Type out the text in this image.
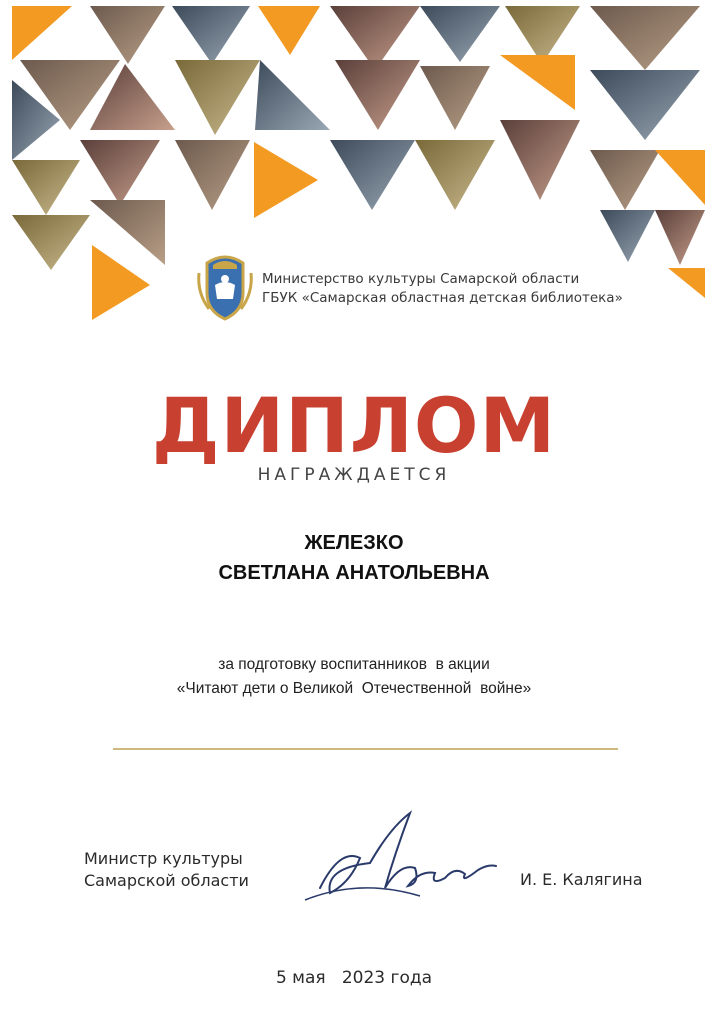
Министерство культуры Самарской области
ГБУК «Самарская областная детская библиотека»
ДИПЛОМ
НАГРАЖДАЕТСЯ
ЖЕЛЕЗКО
СВЕТЛАНА АНАТОЛЬЕВНА
за подготовку воспитанников  в акции
«Читают дети о Великой  Отечественной  войне»
Министр культуры
Самарской области	И. Е. Калягина
5 мая   2023 года
